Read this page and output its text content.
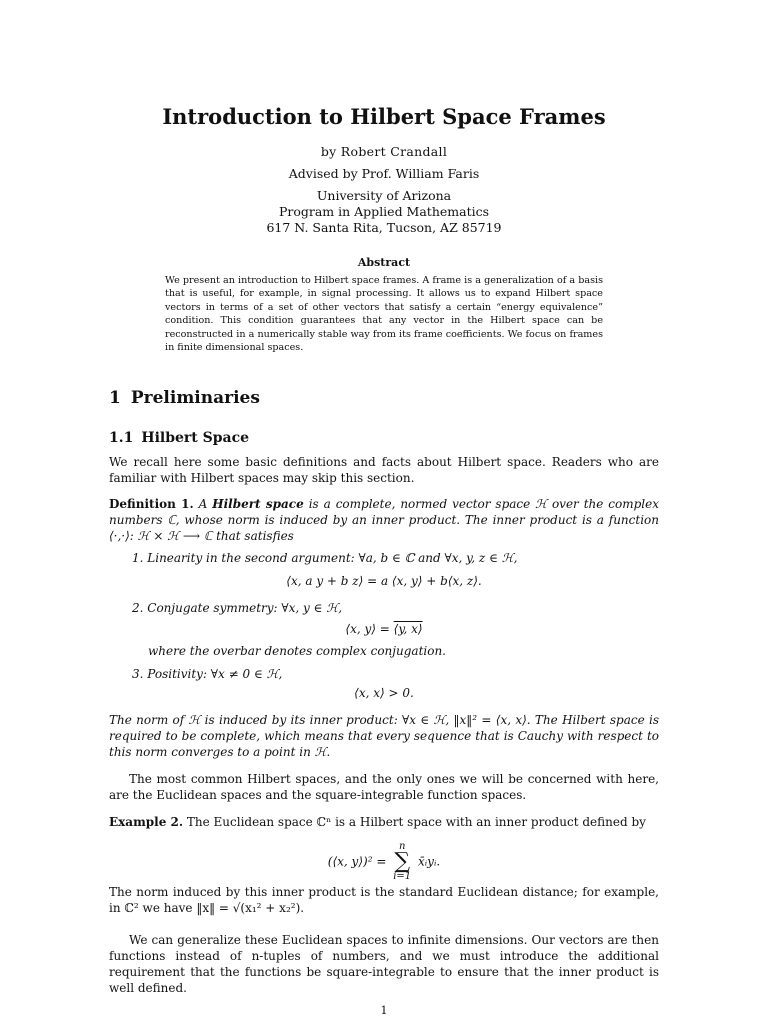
Introduction to Hilbert Space Frames
by Robert Crandall
Advised by Prof. William Faris
University of Arizona
Program in Applied Mathematics
617 N. Santa Rita, Tucson, AZ 85719
Abstract
We present an introduction to Hilbert space frames. A frame is a generalization of a basis that is useful, for example, in signal processing. It allows us to expand Hilbert space vectors in terms of a set of other vectors that satisfy a certain “energy equivalence” condition. This condition guarantees that any vector in the Hilbert space can be reconstructed in a numerically stable way from its frame coefficients. We focus on frames in finite dimensional spaces.
1 Preliminaries
1.1 Hilbert Space
We recall here some basic definitions and facts about Hilbert space. Readers who are familiar with Hilbert spaces may skip this section.
Definition 1. A Hilbert space is a complete, normed vector space ℋ over the complex numbers ℂ, whose norm is induced by an inner product. The inner product is a function ⟨·,·⟩: ℋ × ℋ ⟶ ℂ that satisfies
1. Linearity in the second argument: ∀a, b ∈ ℂ and ∀x, y, z ∈ ℋ,
⟨x, a y + b z⟩ = a ⟨x, y⟩ + b⟨x, z⟩.
2. Conjugate symmetry: ∀x, y ∈ ℋ,
⟨x, y⟩ = ⟨y, x⟩
where the overbar denotes complex conjugation.
3. Positivity: ∀x ≠ 0 ∈ ℋ,
⟨x, x⟩ > 0.
The norm of ℋ is induced by its inner product: ∀x ∈ ℋ, ‖x‖² = ⟨x, x⟩. The Hilbert space is required to be complete, which means that every sequence that is Cauchy with respect to this norm converges to a point in ℋ.
The most common Hilbert spaces, and the only ones we will be concerned with here, are the Euclidean spaces and the square-integrable function spaces.
Example 2. The Euclidean space ℂⁿ is a Hilbert space with an inner product defined by
(⟨x, y⟩)² =
n
∑
i=1
x̄ᵢyᵢ.
The norm induced by this inner product is the standard Euclidean distance; for example, in ℂ² we have ‖x‖ = √(x₁² + x₂²).
We can generalize these Euclidean spaces to infinite dimensions. Our vectors are then functions instead of n-tuples of numbers, and we must introduce the additional requirement that the functions be square-integrable to ensure that the inner product is well defined.
1
